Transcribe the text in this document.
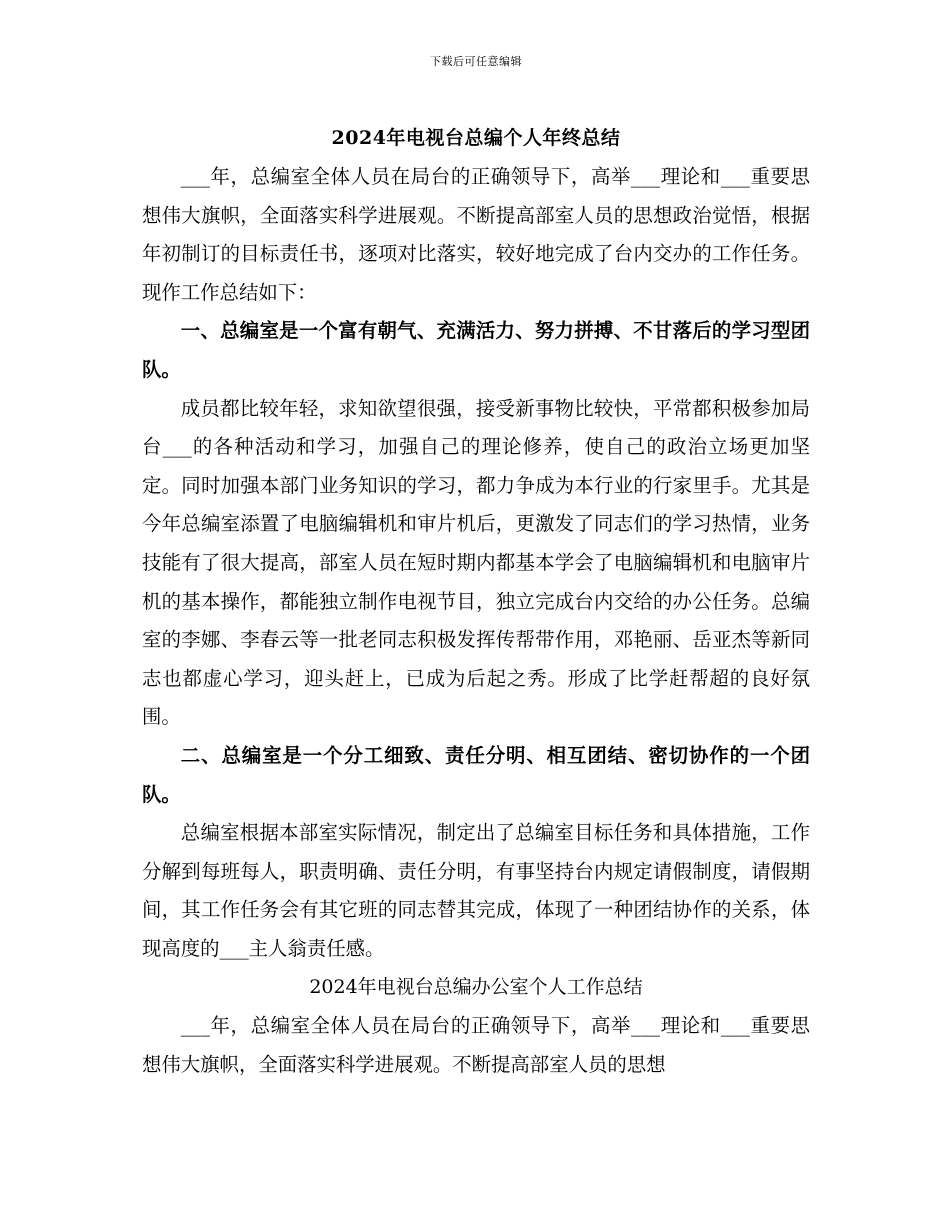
下载后可任意编辑
2024年电视台总编个人年终总结

___年，总编室全体人员在局台的正确领导下，高举___理论和___重要思想伟大旗帜，全面落实科学进展观。不断提高部室人员的思想政治觉悟，根据年初制订的目标责任书，逐项对比落实，较好地完成了台内交办的工作任务。现作工作总结如下：

一、总编室是一个富有朝气、充满活力、努力拼搏、不甘落后的学习型团队。

成员都比较年轻，求知欲望很强，接受新事物比较快，平常都积极参加局台___的各种活动和学习，加强自己的理论修养，使自己的政治立场更加坚定。同时加强本部门业务知识的学习，都力争成为本行业的行家里手。尤其是今年总编室添置了电脑编辑机和审片机后，更激发了同志们的学习热情，业务技能有了很大提高，部室人员在短时期内都基本学会了电脑编辑机和电脑审片机的基本操作，都能独立制作电视节目，独立完成台内交给的办公任务。总编室的李娜、李春云等一批老同志积极发挥传帮带作用，邓艳丽、岳亚杰等新同志也都虚心学习，迎头赶上，已成为后起之秀。形成了比学赶帮超的良好氛围。

二、总编室是一个分工细致、责任分明、相互团结、密切协作的一个团队。

总编室根据本部室实际情况，制定出了总编室目标任务和具体措施，工作分解到每班每人，职责明确、责任分明，有事坚持台内规定请假制度，请假期间，其工作任务会有其它班的同志替其完成，体现了一种团结协作的关系，体现高度的___主人翁责任感。

2024年电视台总编办公室个人工作总结

___年，总编室全体人员在局台的正确领导下，高举___理论和___重要思想伟大旗帜，全面落实科学进展观。不断提高部室人员的思想
